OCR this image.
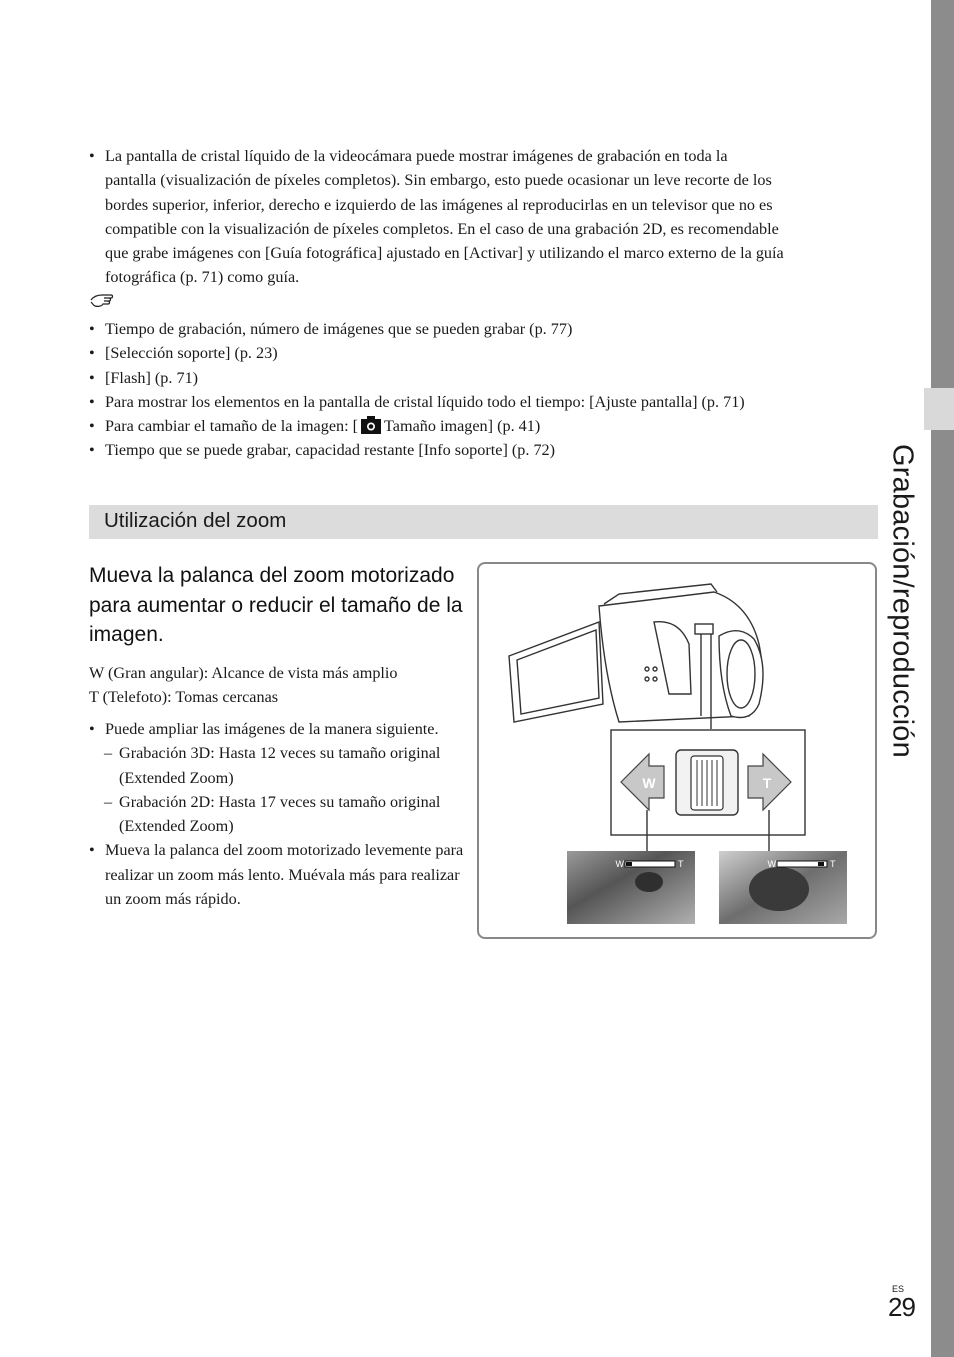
Grabación/reproducción
• La pantalla de cristal líquido de la videocámara puede mostrar imágenes de grabación en toda la
pantalla (visualización de píxeles completos). Sin embargo, esto puede ocasionar un leve recorte de los
bordes superior, inferior, derecho e izquierdo de las imágenes al reproducirlas en un televisor que no es
compatible con la visualización de píxeles completos. En el caso de una grabación 2D, es recomendable
que grabe imágenes con [Guía fotográfica] ajustado en [Activar] y utilizando el marco externo de la guía
fotográfica (p. 71) como guía.
• Tiempo de grabación, número de imágenes que se pueden grabar (p. 77)
• [Selección soporte] (p. 23)
• [Flash] (p. 71)
• Para mostrar los elementos en la pantalla de cristal líquido todo el tiempo: [Ajuste pantalla] (p. 71)
• Para cambiar el tamaño de la imagen: [ Tamaño imagen] (p. 41)
• Tiempo que se puede grabar, capacidad restante [Info soporte] (p. 72)
Utilización del zoom
Mueva la palanca del zoom motorizado para aumentar o reducir el tamaño de la imagen.
W (Gran angular): Alcance de vista más amplio
T (Telefoto): Tomas cercanas
• Puede ampliar las imágenes de la manera siguiente.
– Grabación 3D: Hasta 12 veces su tamaño original (Extended Zoom)
– Grabación 2D: Hasta 17 veces su tamaño original (Extended Zoom)
• Mueva la palanca del zoom motorizado levemente para realizar un zoom más lento. Muévala más para realizar un zoom más rápido.
W	T
W	T	W	T
ES
29
